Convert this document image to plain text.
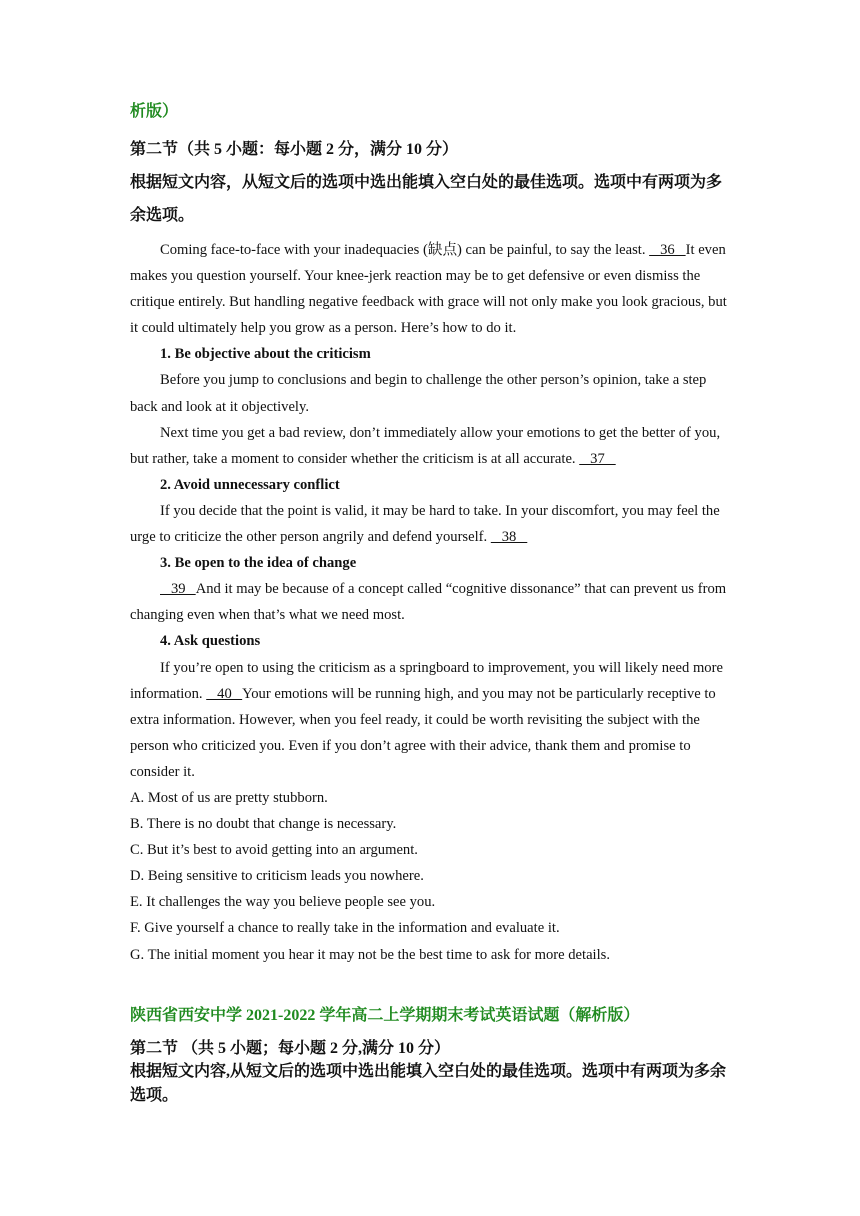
析版）
第二节（共 5 小题：每小题 2 分，满分 10 分）
根据短文内容，从短文后的选项中选出能填入空白处的最佳选项。选项中有两项为多余选项。

Coming face-to-face with your inadequacies (缺点) can be painful, to say the least.    36   It even makes you question yourself. Your knee-jerk reaction may be to get defensive or even dismiss the critique entirely. But handling negative feedback with grace will not only make you look gracious, but it could ultimately help you grow as a person. Here’s how to do it.

1. Be objective about the criticism

Before you jump to conclusions and begin to challenge the other person’s opinion, take a step back and look at it objectively.

Next time you get a bad review, don’t immediately allow your emotions to get the better of you, but rather, take a moment to consider whether the criticism is at all accurate.    37

2. Avoid unnecessary conflict

If you decide that the point is valid, it may be hard to take. In your discomfort, you may feel the urge to criticize the other person angrily and defend yourself.    38

3. Be open to the idea of change

39   And it may be because of a concept called “cognitive dissonance” that can prevent us from changing even when that’s what we need most.

4. Ask questions

If you’re open to using the criticism as a springboard to improvement, you will likely need more information.    40   Your emotions will be running high, and you may not be particularly receptive to extra information. However, when you feel ready, it could be worth revisiting the subject with the person who criticized you. Even if you don’t agree with their advice, thank them and promise to consider it.

A. Most of us are pretty stubborn.

B. There is no doubt that change is necessary.

C. But it’s best to avoid getting into an argument.

D. Being sensitive to criticism leads you nowhere.

E. It challenges the way you believe people see you.

F. Give yourself a chance to really take in the information and evaluate it.

G. The initial moment you hear it may not be the best time to ask for more details.

陕西省西安中学 2021-2022 学年高二上学期期末考试英语试题（解析版）
第二节 （共 5 小题；每小题 2 分,满分 10 分）
根据短文内容,从短文后的选项中选出能填入空白处的最佳选项。选项中有两项为多余选项。
